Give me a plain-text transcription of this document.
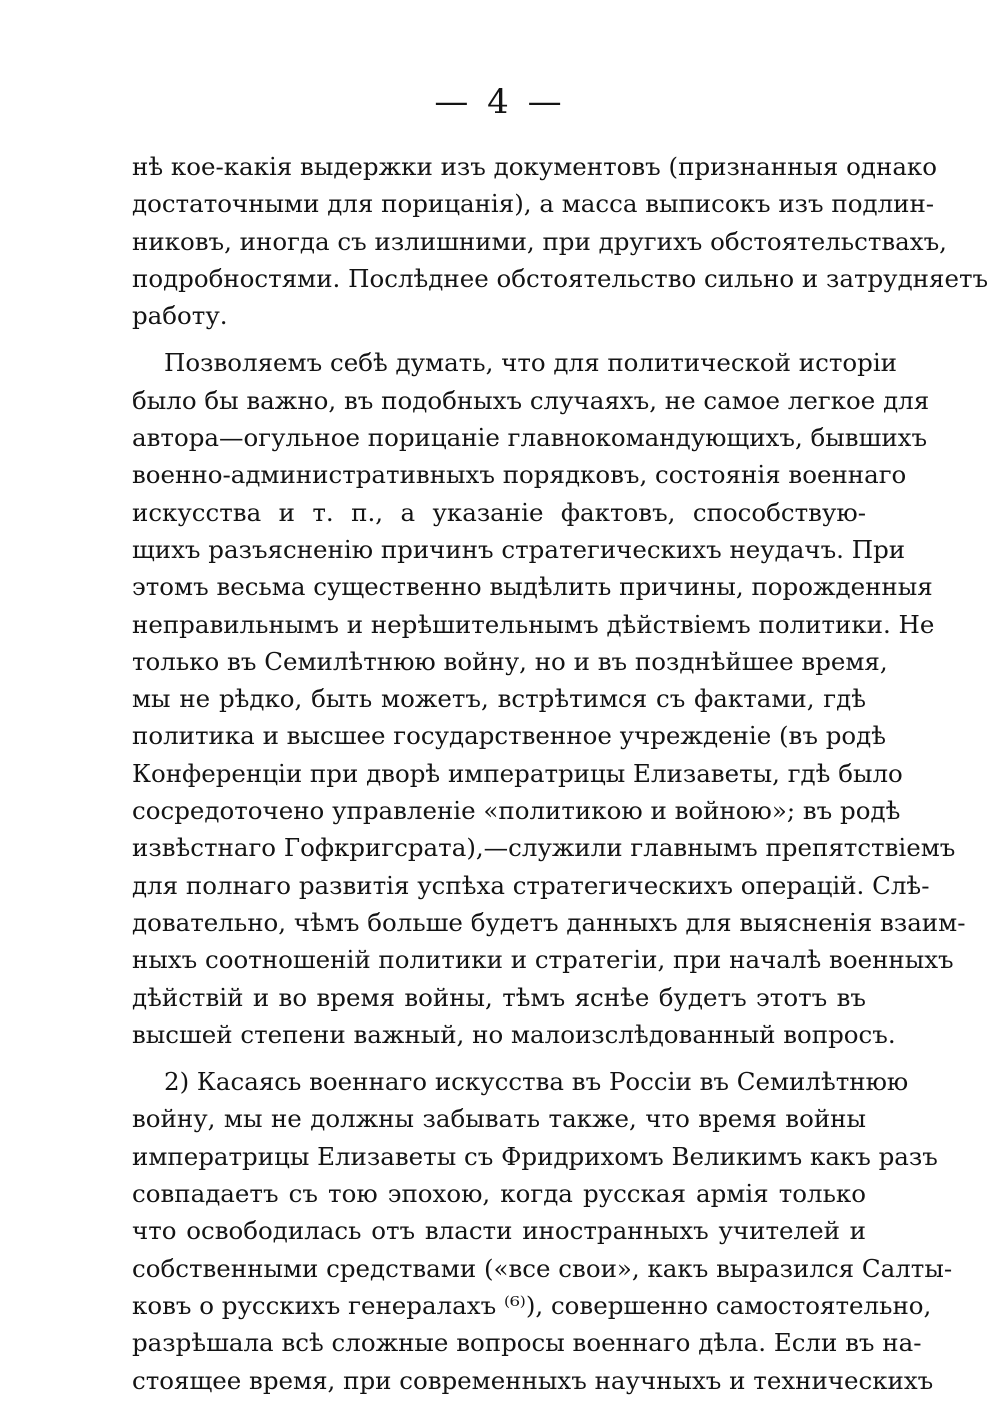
— 4 —
нѣ кое-какія выдержки изъ документовъ (признанныя однако
достаточными для порицанія), а масса выписокъ изъ подлин-
никовъ, иногда съ излишними, при другихъ обстоятельствахъ,
подробностями. Послѣднее обстоятельство сильно и затрудняетъ
работу.
Позволяемъ себѣ думать, что для политической исторіи
было бы важно, въ подобныхъ случаяхъ, не самое легкое для
автора—огульное порицаніе главнокомандующихъ, бывшихъ
военно-административныхъ порядковъ, состоянія военнаго
искусства и т. п., а указаніе фактовъ, способствую-
щихъ разъясненію причинъ стратегическихъ неудачъ. При
этомъ весьма существенно выдѣлить причины, порожденныя
неправильнымъ и нерѣшительнымъ дѣйствіемъ политики. Не
только въ Семилѣтнюю войну, но и въ позднѣйшее время,
мы не рѣдко, быть можетъ, встрѣтимся съ фактами, гдѣ
политика и высшее государственное учрежденіе (въ родѣ
Конференціи при дворѣ императрицы Елизаветы, гдѣ было
сосредоточено управленіе «политикою и войною»; въ родѣ
извѣстнаго Гофкригсрата),—служили главнымъ препятствіемъ
для полнаго развитія успѣха стратегическихъ операцій. Слѣ-
довательно, чѣмъ больше будетъ данныхъ для выясненія взаим-
ныхъ соотношеній политики и стратегіи, при началѣ военныхъ
дѣйствій и во время войны, тѣмъ яснѣе будетъ этотъ въ
высшей степени важный, но малоизслѣдованный вопросъ.
2) Касаясь военнаго искусства въ Россіи въ Семилѣтнюю
войну, мы не должны забывать также, что время войны
императрицы Елизаветы съ Фридрихомъ Великимъ какъ разъ
совпадаетъ съ тою эпохою, когда русская армія только
что освободилась отъ власти иностранныхъ учителей и
собственными средствами («все свои», какъ выразился Салты-
ковъ о русскихъ генералахъ ⁽⁶⁾), совершенно самостоятельно,
разрѣшала всѣ сложные вопросы военнаго дѣла. Если въ на-
стоящее время, при современныхъ научныхъ и техническихъ
